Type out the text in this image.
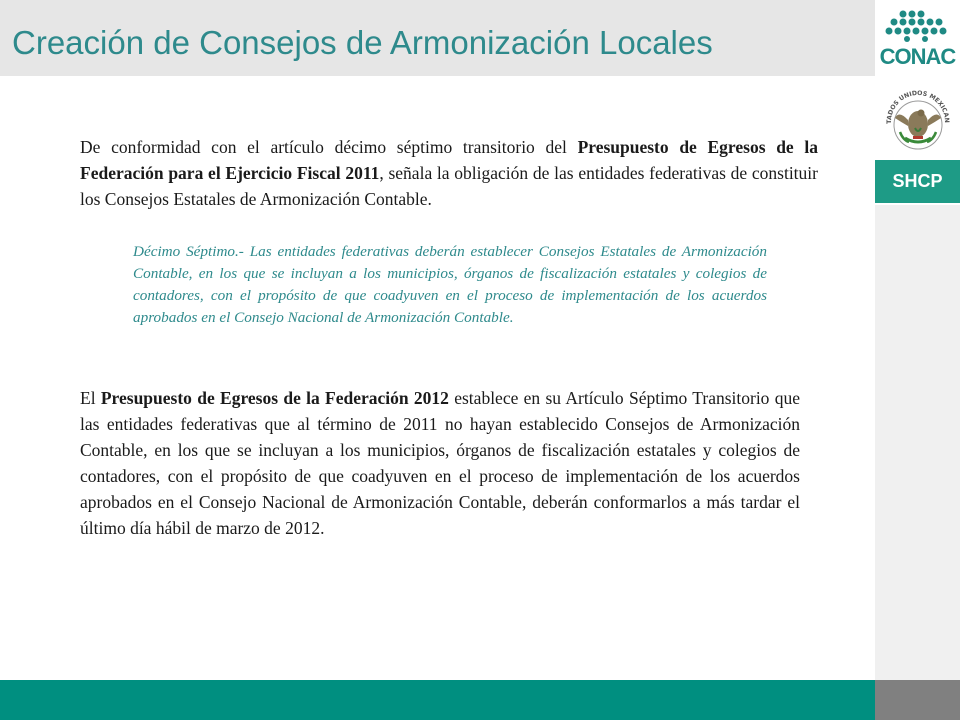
Creación de Consejos de Armonización Locales	CONAC
TADOS UNIDOS MEXICAN
SHCP

De conformidad con el artículo décimo séptimo transitorio del Presupuesto de Egresos de la Federación para el Ejercicio Fiscal 2011, señala la obligación de las entidades federativas de constituir los Consejos Estatales de Armonización Contable.

Décimo Séptimo.- Las entidades federativas deberán establecer Consejos Estatales de Armonización Contable, en los que se incluyan a los municipios, órganos de fiscalización estatales y colegios de contadores, con el propósito de que coadyuven en el proceso de implementación de los acuerdos aprobados en el Consejo Nacional de Armonización Contable.

El Presupuesto de Egresos de la Federación 2012 establece en su Artículo Séptimo Transitorio que las entidades federativas que al término de 2011 no hayan establecido Consejos de Armonización Contable, en los que se incluyan a los municipios, órganos de fiscalización estatales y colegios de contadores, con el propósito de que coadyuven en el proceso de implementación de los acuerdos aprobados en el Consejo Nacional de Armonización Contable, deberán conformarlos a más tardar el último día hábil de marzo de 2012.
